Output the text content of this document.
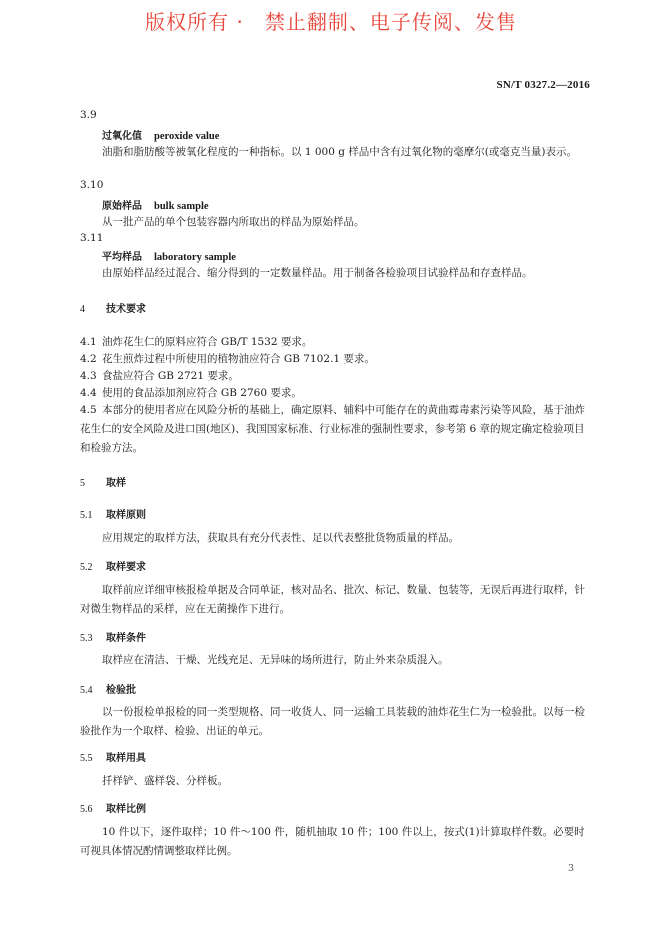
版权所有 ·　禁止翻制、电子传阅、发售
SN/T 0327.2—2016
3.9
过氧化值 peroxide value
油脂和脂肪酸等被氧化程度的一种指标。以 1 000 g 样品中含有过氧化物的毫摩尔(或毫克当量)表示。
3.10
原始样品 bulk sample
从一批产品的单个包装容器内所取出的样品为原始样品。
3.11
平均样品 laboratory sample
由原始样品经过混合、缩分得到的一定数量样品。用于制备各检验项目试验样品和存查样品。
4 技术要求
4.1 油炸花生仁的原料应符合 GB/T 1532 要求。
4.2 花生煎炸过程中所使用的植物油应符合 GB 7102.1 要求。
4.3 食盐应符合 GB 2721 要求。
4.4 使用的食品添加剂应符合 GB 2760 要求。
4.5 本部分的使用者应在风险分析的基础上，确定原料、辅料中可能存在的黄曲霉毒素污染等风险，基于油炸花生仁的安全风险及进口国(地区)、我国国家标准、行业标准的强制性要求，参考第 6 章的规定确定检验项目和检验方法。
5 取样
5.1 取样原则
应用规定的取样方法，获取具有充分代表性、足以代表整批货物质量的样品。
5.2 取样要求
取样前应详细审核报检单据及合同单证，核对品名、批次、标记、数量、包装等，无误后再进行取样，针对微生物样品的采样，应在无菌操作下进行。
5.3 取样条件
取样应在清洁、干燥、光线充足、无异味的场所进行，防止外来杂质混入。
5.4 检验批
以一份报检单报检的同一类型规格、同一收货人、同一运输工具装载的油炸花生仁为一检验批。以每一检验批作为一个取样、检验、出证的单元。
5.5 取样用具
扦样铲、盛样袋、分样板。
5.6 取样比例
10 件以下，逐件取样；10 件～100 件，随机抽取 10 件；100 件以上，按式(1)计算取样件数。必要时可视具体情况酌情调整取样比例。
3
